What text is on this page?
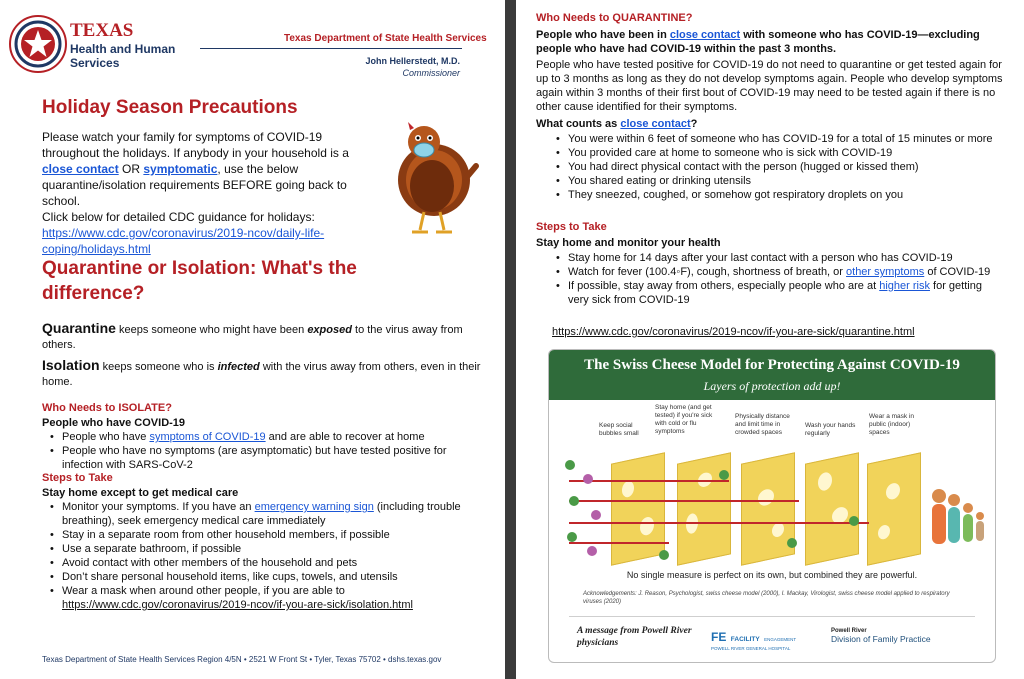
TEXAS
Health and Human
Services
Texas Department of State Health Services
John Hellerstedt, M.D.
Commissioner
Holiday Season Precautions
Please watch your family for symptoms of COVID-19 throughout the holidays. If anybody in your household is a close contact OR symptomatic, use the below quarantine/isolation requirements BEFORE going back to school.
Click below for detailed CDC guidance for holidays:
https://www.cdc.gov/coronavirus/2019-ncov/daily-life-coping/holidays.html
Quarantine or Isolation: What's the difference?
Quarantine keeps someone who might have been exposed to the virus away from others.
Isolation keeps someone who is infected with the virus away from others, even in their home.
Who Needs to ISOLATE?
People who have COVID-19
• People who have symptoms of COVID-19 and are able to recover at home
• People who have no symptoms (are asymptomatic) but have tested positive for infection with SARS-CoV-2
Steps to Take
Stay home except to get medical care
• Monitor your symptoms. If you have an emergency warning sign (including trouble breathing), seek emergency medical care immediately
• Stay in a separate room from other household members, if possible
• Use a separate bathroom, if possible
• Avoid contact with other members of the household and pets
• Don’t share personal household items, like cups, towels, and utensils
• Wear a mask when around other people, if you are able to
https://www.cdc.gov/coronavirus/2019-ncov/if-you-are-sick/isolation.html
Texas Department of State Health Services Region 4/5N • 2521 W Front St • Tyler, Texas 75702 • dshs.texas.gov
Who Needs to QUARANTINE?
People who have been in close contact with someone who has COVID-19—excluding people who have had COVID-19 within the past 3 months.
People who have tested positive for COVID-19 do not need to quarantine or get tested again for up to 3 months as long as they do not develop symptoms again. People who develop symptoms again within 3 months of their first bout of COVID-19 may need to be tested again if there is no other cause identified for their symptoms.
What counts as close contact?
• You were within 6 feet of someone who has COVID-19 for a total of 15 minutes or more
• You provided care at home to someone who is sick with COVID-19
• You had direct physical contact with the person (hugged or kissed them)
• You shared eating or drinking utensils
• They sneezed, coughed, or somehow got respiratory droplets on you
Steps to Take
Stay home and monitor your health
• Stay home for 14 days after your last contact with a person who has COVID-19
• Watch for fever (100.4◦F), cough, shortness of breath, or other symptoms of COVID-19
• If possible, stay away from others, especially people who are at higher risk for getting very sick from COVID-19
https://www.cdc.gov/coronavirus/2019-ncov/if-you-are-sick/quarantine.html
The Swiss Cheese Model for Protecting Against COVID-19
Layers of protection add up!
Keep social bubbles small
Stay home (and get tested) if you're sick with cold or flu symptoms
Physically distance and limit time in crowded spaces
Wash your hands regularly
Wear a mask in public (indoor) spaces
No single measure is perfect on its own, but combined they are powerful.
Acknowledgements: J. Reason, Psychologist, swiss cheese model (2000), I. Mackay, Virologist, swiss cheese model applied to respiratory viruses (2020)
A message from Powell River physicians	FE FACILITY ENGAGEMENT
POWELL RIVER GENERAL HOSPITAL
Powell River
Division of Family Practice
